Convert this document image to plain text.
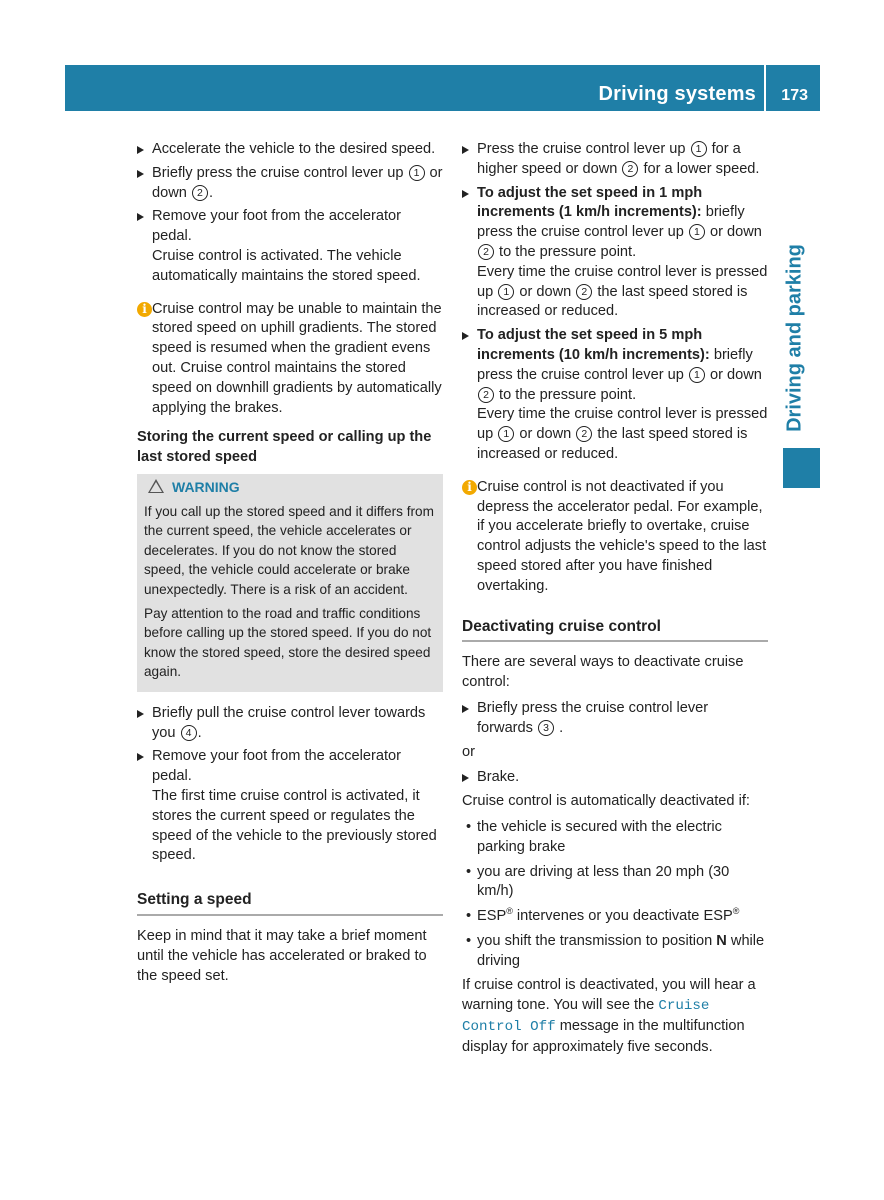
Driving systems 173
Driving and parking
Accelerate the vehicle to the desired speed.
Briefly press the cruise control lever up 1 or down 2 .
Remove your foot from the accelerator pedal.
Cruise control is activated. The vehicle automatically maintains the stored speed.
i Cruise control may be unable to maintain the stored speed on uphill gradients. The stored speed is resumed when the gradient evens out. Cruise control maintains the stored speed on downhill gradients by automatically applying the brakes.
Storing the current speed or calling up the last stored speed
WARNING

If you call up the stored speed and it differs from the current speed, the vehicle accelerates or decelerates. If you do not know the stored speed, the vehicle could accelerate or brake unexpectedly. There is a risk of an accident.

Pay attention to the road and traffic conditions before calling up the stored speed. If you do not know the stored speed, store the desired speed again.

Briefly pull the cruise control lever towards you 4 .
Remove your foot from the accelerator pedal.
The first time cruise control is activated, it stores the current speed or regulates the speed of the vehicle to the previously stored speed.
Setting a speed

Keep in mind that it may take a brief moment until the vehicle has accelerated or braked to the speed set.

Press the cruise control lever up 1 for a higher speed or down 2 for a lower speed.
To adjust the set speed in 1 mph increments (1 km/h increments): briefly press the cruise control lever up 1 or down 2 to the pressure point.
Every time the cruise control lever is pressed up 1 or down 2 the last speed stored is increased or reduced.
To adjust the set speed in 5 mph increments (10 km/h increments): briefly press the cruise control lever up 1 or down 2 to the pressure point.
Every time the cruise control lever is pressed up 1 or down 2 the last speed stored is increased or reduced.
i Cruise control is not deactivated if you depress the accelerator pedal. For example, if you accelerate briefly to overtake, cruise control adjusts the vehicle's speed to the last speed stored after you have finished overtaking.
Deactivating cruise control

There are several ways to deactivate cruise control:

Briefly press the cruise control lever forwards 3 .

or

Brake.

Cruise control is automatically deactivated if:

• the vehicle is secured with the electric parking brake
• you are driving at less than 20 mph (30 km/h)
• ESP® intervenes or you deactivate ESP®
• you shift the transmission to position N while driving

If cruise control is deactivated, you will hear a warning tone. You will see the Cruise Control Off message in the multifunction display for approximately five seconds.
